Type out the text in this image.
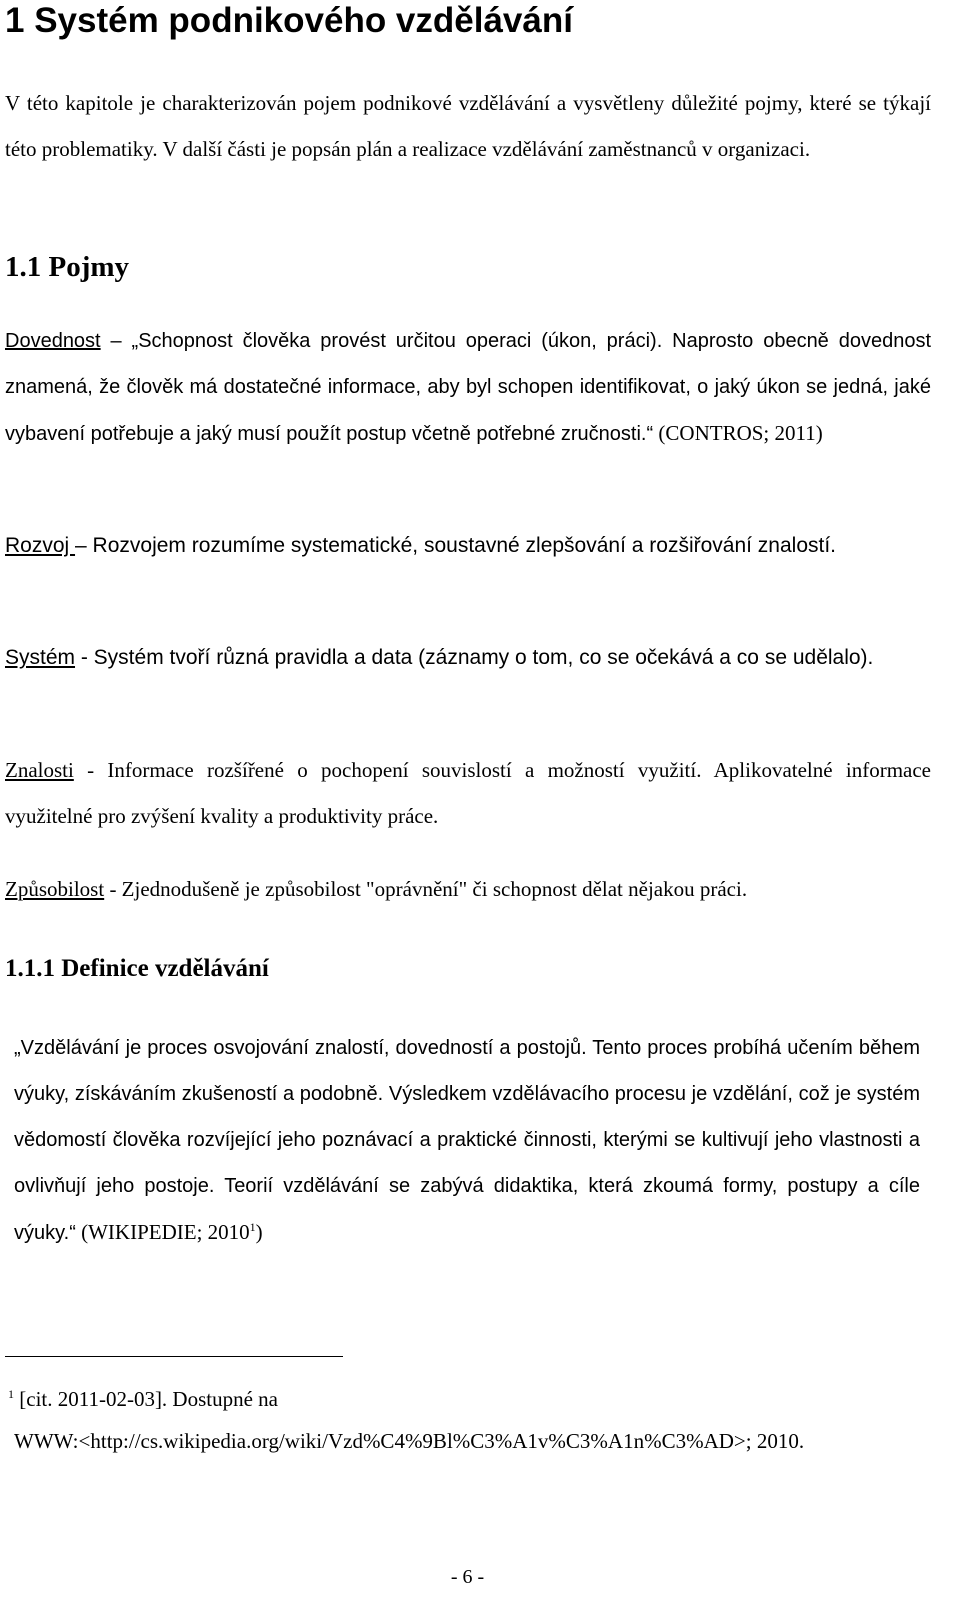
1 Systém podnikového vzdělávání

V této kapitole je charakterizován pojem podnikové vzdělávání a vysvětleny důležité pojmy, které se týkají této problematiky. V další části je popsán plán a realizace vzdělávání zaměstnanců v organizaci.

1.1 Pojmy

Dovednost – „Schopnost člověka provést určitou operaci (úkon, práci). Naprosto obecně dovednost znamená, že člověk má dostatečné informace, aby byl schopen identifikovat, o jaký úkon se jedná, jaké vybavení potřebuje a jaký musí použít postup včetně potřebné zručnosti.“ (CONTROS; 2011)

Rozvoj – Rozvojem rozumíme systematické, soustavné zlepšování a rozšiřování znalostí.

Systém - Systém tvoří různá pravidla a data (záznamy o tom, co se očekává a co se udělalo).

Znalosti - Informace rozšířené o pochopení souvislostí a možností využití. Aplikovatelné informace využitelné pro zvýšení kvality a produktivity práce.

Způsobilost - Zjednodušeně je způsobilost "oprávnění" či schopnost dělat nějakou práci.

1.1.1 Definice vzdělávání

„Vzdělávání je proces osvojování znalostí, dovedností a postojů. Tento proces probíhá učením během výuky, získáváním zkušeností a podobně. Výsledkem vzdělávacího procesu je vzdělání, což je systém vědomostí člověka rozvíjející jeho poznávací a praktické činnosti, kterými se kultivují jeho vlastnosti a ovlivňují jeho postoje. Teorií vzdělávání se zabývá didaktika, která zkoumá formy, postupy a cíle výuky.“ (WIKIPEDIE; 2010$^1$)

$^1$ [cit. 2011-02-03]. Dostupné na
WWW:<http://cs.wikipedia.org/wiki/Vzd%C4%9Bl%C3%A1v%C3%A1n%C3%AD>; 2010.

- 6 -
